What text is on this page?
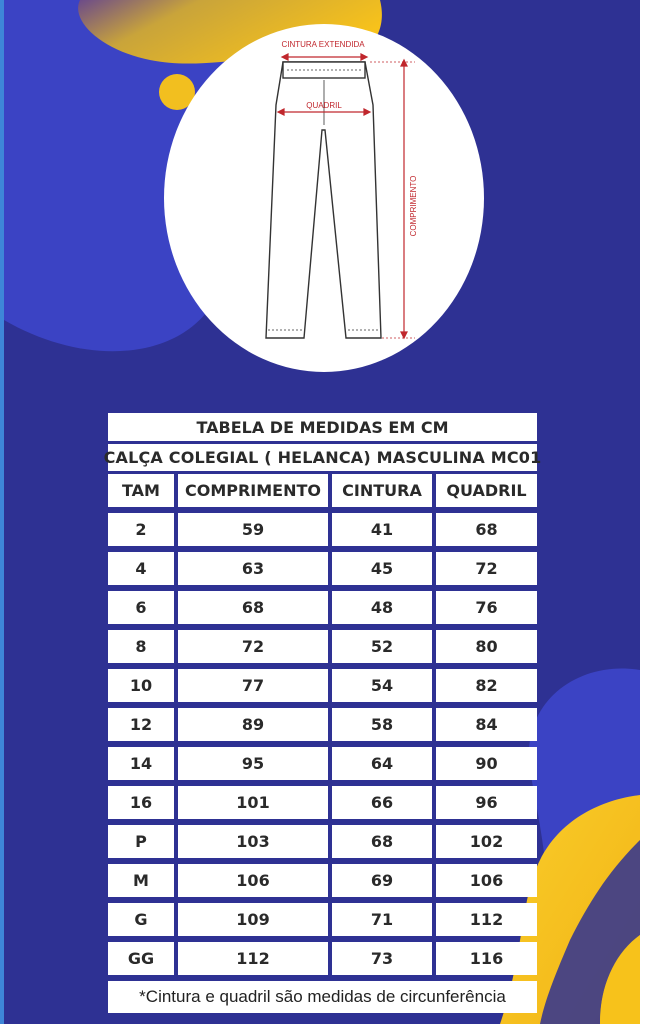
CINTURA EXTENDIDA
QUADRIL
COMPRIMENTO
TABELA DE MEDIDAS EM CM
CALÇA COLEGIAL ( HELANCA) MASCULINA MC01
TAM	COMPRIMENTO	CINTURA	QUADRIL
2	59	41	68
4	63	45	72
6	68	48	76
8	72	52	80
10	77	54	82
12	89	58	84
14	95	64	90
16	101	66	96
P	103	68	102
M	106	69	106
G	109	71	112
GG	112	73	116
*Cintura e quadril são medidas de circunferência
